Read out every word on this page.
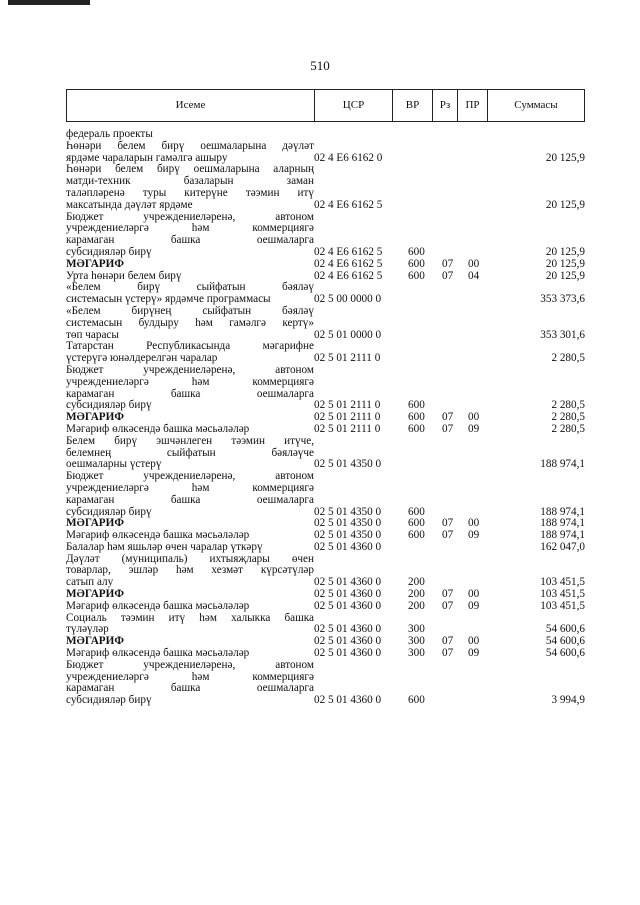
510
Исеме	ЦСР	ВР	Рз	ПР	Суммасы
федераль проекты
Һөнәри белем бирү оешмаларына дәүләт
ярдәме чараларын гамәлгә ашыру	02 4 E6 6162 0	20 125,9
Һөнәри белем бирү оешмаларына аларның
матди-техник базаларын заман
таләпләренә туры китерүне тәэмин итү
максатында дәүләт ярдәме	02 4 E6 6162 5	20 125,9
Бюджет учреждениеләренә, автоном
учреждениеләргә һәм коммерциягә
карамаган башка оешмаларга
субсидияләр бирү	02 4 E6 6162 5 600	20 125,9
МӘГАРИФ	02 4 E6 6162 5 600 07 00	20 125,9
Урта һөнәри белем бирү	02 4 E6 6162 5 600 07 04	20 125,9
«Белем бирү сыйфатын бәяләү
системасын үстерү» ярдәмче программасы	02 5 00 0000 0	353 373,6
«Белем бирүнең сыйфатын бәяләү
системасын булдыру һәм гамәлгә кертү»
төп чарасы	02 5 01 0000 0	353 301,6
Татарстан Республикасында мәгарифне
үстерүгә юнәлдерелгән чаралар	02 5 01 2111 0	2 280,5
Бюджет учреждениеләренә, автоном
учреждениеләргә һәм коммерциягә
карамаган башка оешмаларга
субсидияләр бирү	02 5 01 2111 0 600	2 280,5
МӘГАРИФ	02 5 01 2111 0 600 07 00	2 280,5
Мәгариф өлкәсендә башка мәсьәләләр	02 5 01 2111 0 600 07 09	2 280,5
Белем бирү эшчәнлеген тәэмин итүче,
белемнең сыйфатын бәяләүче
оешмаларны үстерү	02 5 01 4350 0	188 974,1
Бюджет учреждениеләренә, автоном
учреждениеләргә һәм коммерциягә
карамаган башка оешмаларга
субсидияләр бирү	02 5 01 4350 0 600	188 974,1
МӘГАРИФ	02 5 01 4350 0 600 07 00	188 974,1
Мәгариф өлкәсендә башка мәсьәләләр	02 5 01 4350 0 600 07 09	188 974,1
Балалар һәм яшьләр өчен чаралар үткәрү	02 5 01 4360 0	162 047,0
Дәүләт (муниципаль) ихтыяҗлары өчен
товарлар, эшләр һәм хезмәт күрсәтүләр
сатып алу	02 5 01 4360 0 200	103 451,5
МӘГАРИФ	02 5 01 4360 0 200 07 00	103 451,5
Мәгариф өлкәсендә башка мәсьәләләр	02 5 01 4360 0 200 07 09	103 451,5
Социаль тәэмин итү һәм халыкка башка
түләүләр	02 5 01 4360 0 300	54 600,6
МӘГАРИФ	02 5 01 4360 0 300 07 00	54 600,6
Мәгариф өлкәсендә башка мәсьәләләр	02 5 01 4360 0 300 07 09	54 600,6
Бюджет учреждениеләренә, автоном
учреждениеләргә һәм коммерциягә
карамаган башка оешмаларга
субсидияләр бирү	02 5 01 4360 0 600	3 994,9
